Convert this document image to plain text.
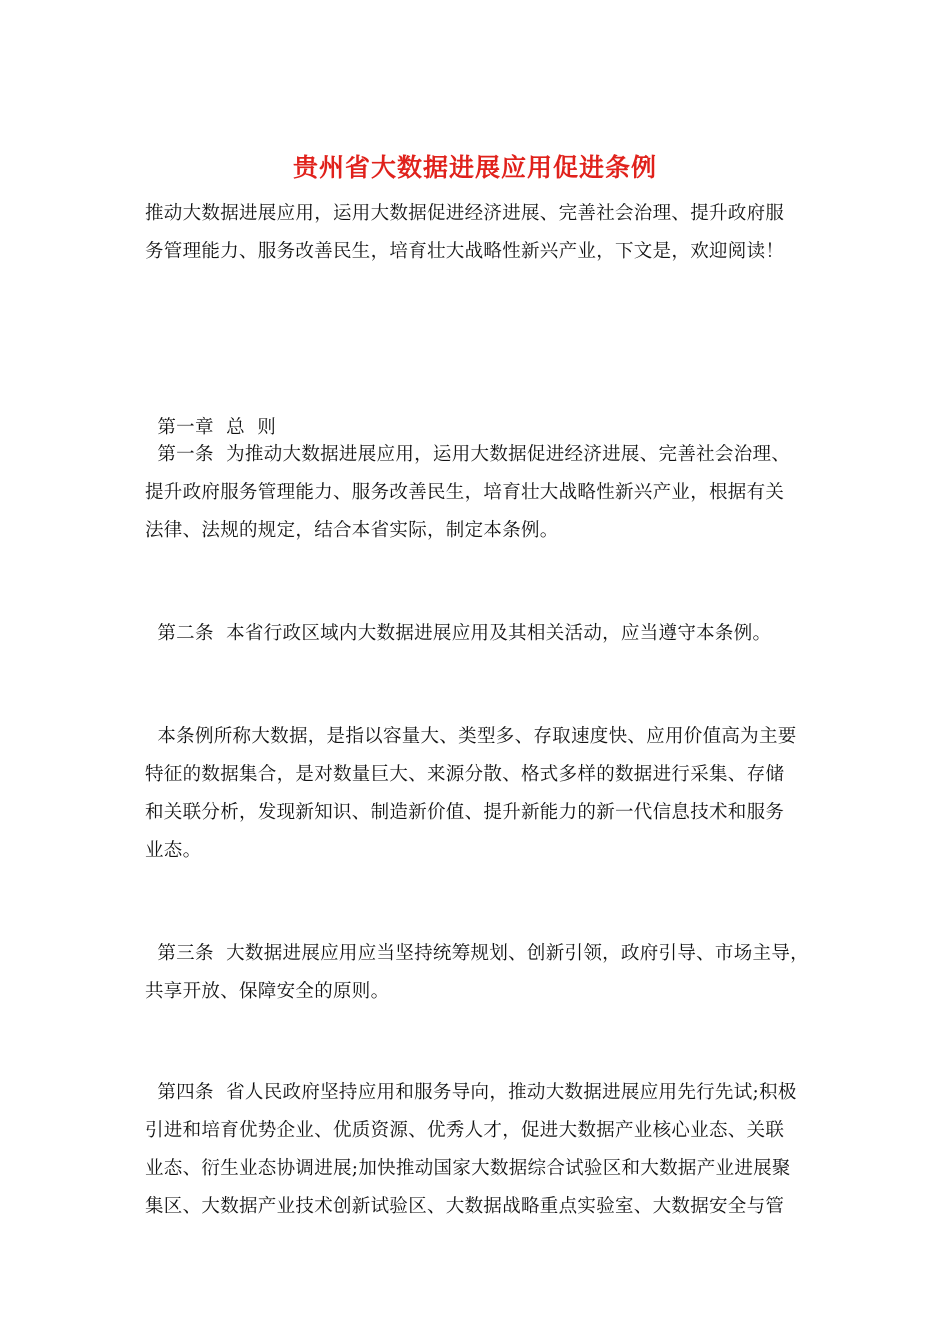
贵州省大数据进展应用促进条例
推动大数据进展应用，运用大数据促进经济进展、完善社会治理、提升政府服
务管理能力、服务改善民生，培育壮大战略性新兴产业，下文是，欢迎阅读！

第一章  总  则

第一条  为推动大数据进展应用，运用大数据促进经济进展、完善社会治理、
提升政府服务管理能力、服务改善民生，培育壮大战略性新兴产业，根据有关
法律、法规的规定，结合本省实际，制定本条例。
第二条  本省行政区域内大数据进展应用及其相关活动，应当遵守本条例。
本条例所称大数据，是指以容量大、类型多、存取速度快、应用价值高为主要
特征的数据集合，是对数量巨大、来源分散、格式多样的数据进行采集、存储
和关联分析，发现新知识、制造新价值、提升新能力的新一代信息技术和服务
业态。
第三条  大数据进展应用应当坚持统筹规划、创新引领，政府引导、市场主导，
共享开放、保障安全的原则。
第四条  省人民政府坚持应用和服务导向，推动大数据进展应用先行先试;积极
引进和培育优势企业、优质资源、优秀人才，促进大数据产业核心业态、关联
业态、衍生业态协调进展;加快推动国家大数据综合试验区和大数据产业进展聚
集区、大数据产业技术创新试验区、大数据战略重点实验室、大数据安全与管
